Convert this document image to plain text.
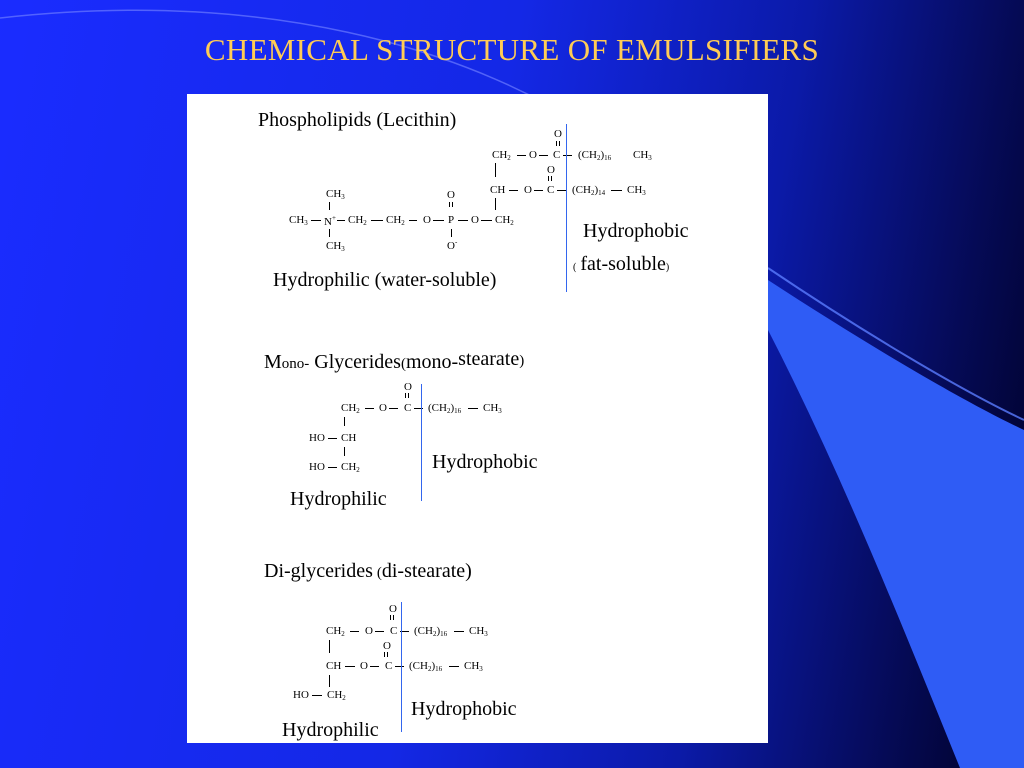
CHEMICAL STRUCTURE OF EMULSIFIERS
Phospholipids (Lecithin)
O
$CH_2$ O C $(CH_2)_{16}$ $CH_3$
O
CH O C $(CH_2)_{14}$ $CH_3$
$CH_3$	O
$CH_3$ N+ $CH_2$ $CH_2$ O P O $CH_2$
$CH_3$	O-	Hydrophobic
( fat-soluble)
Hydrophilic (water-soluble)
Mono- Glycerides(mono-stearate)
O
$CH_2$ O C $(CH_2)_{16}$ $CH_3$
HO CH
HO $CH_2$	Hydrophobic
Hydrophilic
Di-glycerides (di-stearate)
O
$CH_2$ O C $(CH_2)_{16}$ $CH_3$
O
CH O C $(CH_2)_{16}$ $CH_3$
HO $CH_2$	Hydrophobic
Hydrophilic
